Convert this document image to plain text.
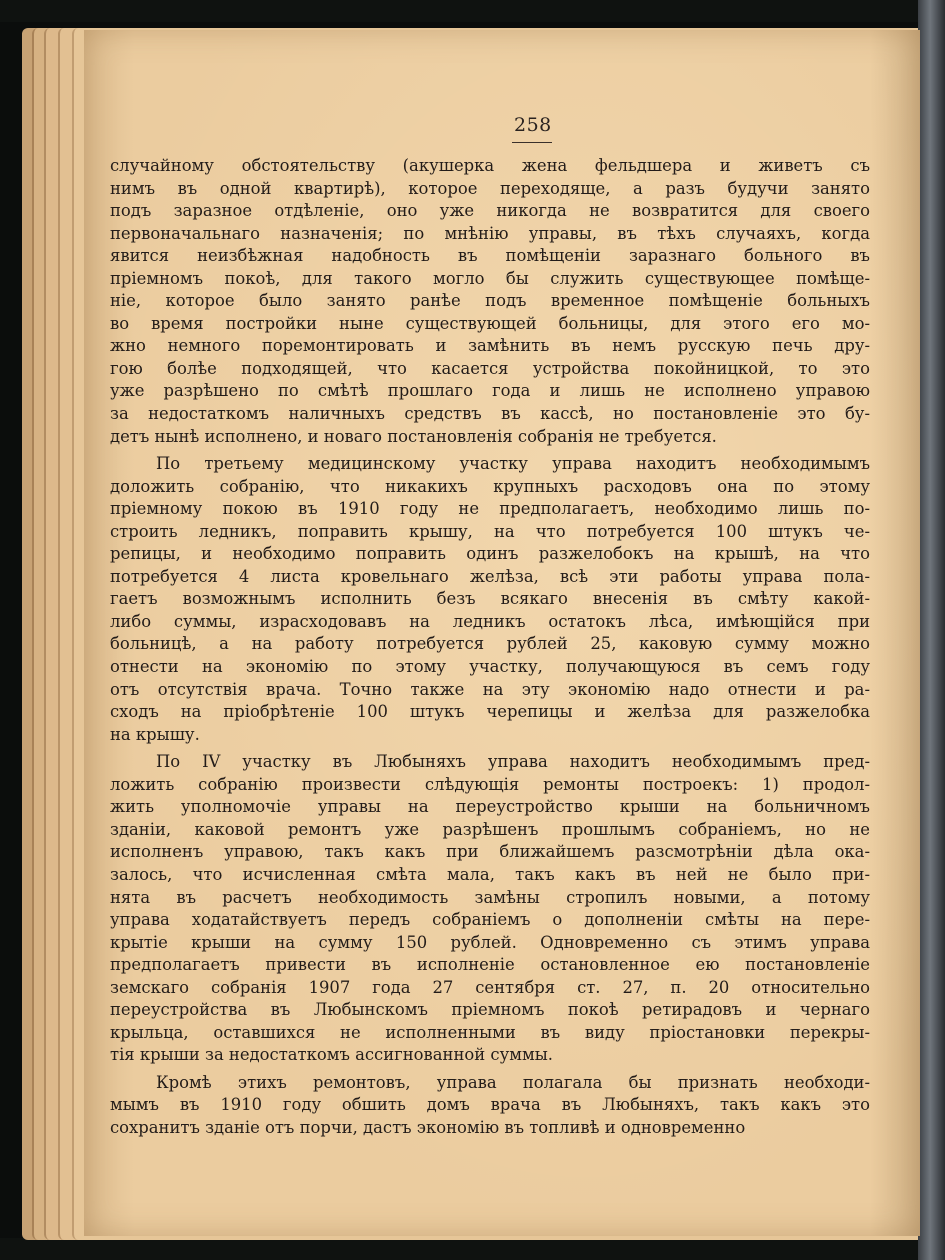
258
случайному обстоятельству (акушерка жена фельдшера и живетъ съ
нимъ въ одной квартирѣ), которое переходяще, а разъ будучи занято
подъ заразное отдѣленіе, оно уже никогда не возвратится для своего
первоначальнаго назначенія; по мнѣнію управы, въ тѣхъ случаяхъ, когда
явится неизбѣжная надобность въ помѣщеніи заразнаго больного въ
пріемномъ покоѣ, для такого могло бы служить существующее помѣще-
ніе, которое было занято ранѣе подъ временное помѣщеніе больныхъ
во время постройки ныне существующей больницы, для этого его мо-
жно немного поремонтировать и замѣнить въ немъ русскую печь дру-
гою болѣе подходящей, что касается устройства покойницкой, то это
уже разрѣшено по смѣтѣ прошлаго года и лишь не исполнено управою
за недостаткомъ наличныхъ средствъ въ кассѣ, но постановленіе это бу-
детъ нынѣ исполнено, и новаго постановленія собранія не требуется.
По третьему медицинскому участку управа находитъ необходимымъ
доложить собранію, что никакихъ крупныхъ расходовъ она по этому
пріемному покою въ 1910 году не предполагаетъ, необходимо лишь по-
строить ледникъ, поправить крышу, на что потребуется 100 штукъ че-
репицы, и необходимо поправить одинъ разжелобокъ на крышѣ, на что
потребуется 4 листа кровельнаго желѣза, всѣ эти работы управа пола-
гаетъ возможнымъ исполнить безъ всякаго внесенія въ смѣту какой-
либо суммы, израсходовавъ на ледникъ остатокъ лѣса, имѣющійся при
больницѣ, а на работу потребуется рублей 25, каковую сумму можно
отнести на экономію по этому участку, получающуюся въ семъ году
отъ отсутствія врача. Точно также на эту экономію надо отнести и ра-
сходъ на пріобрѣтеніе 100 штукъ черепицы и желѣза для разжелобка
на крышу.
По IV участку въ Любыняхъ управа находитъ необходимымъ пред-
ложить собранію произвести слѣдующія ремонты построекъ: 1) продол-
жить уполномочіе управы на переустройство крыши на больничномъ
зданіи, каковой ремонтъ уже разрѣшенъ прошлымъ собраніемъ, но не
исполненъ управою, такъ какъ при ближайшемъ разсмотрѣніи дѣла ока-
залось, что исчисленная смѣта мала, такъ какъ въ ней не было при-
нята въ расчетъ необходимость замѣны стропилъ новыми, а потому
управа ходатайствуетъ передъ собраніемъ о дополненіи смѣты на пере-
крытіе крыши на сумму 150 рублей. Одновременно съ этимъ управа
предполагаетъ привести въ исполненіе остановленное ею постановленіе
земскаго собранія 1907 года 27 сентября ст. 27, п. 20 относительно
переустройства въ Любынскомъ пріемномъ покоѣ ретирадовъ и чернаго
крыльца, оставшихся не исполненными въ виду пріостановки перекры-
тія крыши за недостаткомъ ассигнованной суммы.
Кромѣ этихъ ремонтовъ, управа полагала бы признать необходи-
мымъ въ 1910 году обшить домъ врача въ Любыняхъ, такъ какъ это
сохранитъ зданіе отъ порчи, дастъ экономію въ топливѣ и одновременно
